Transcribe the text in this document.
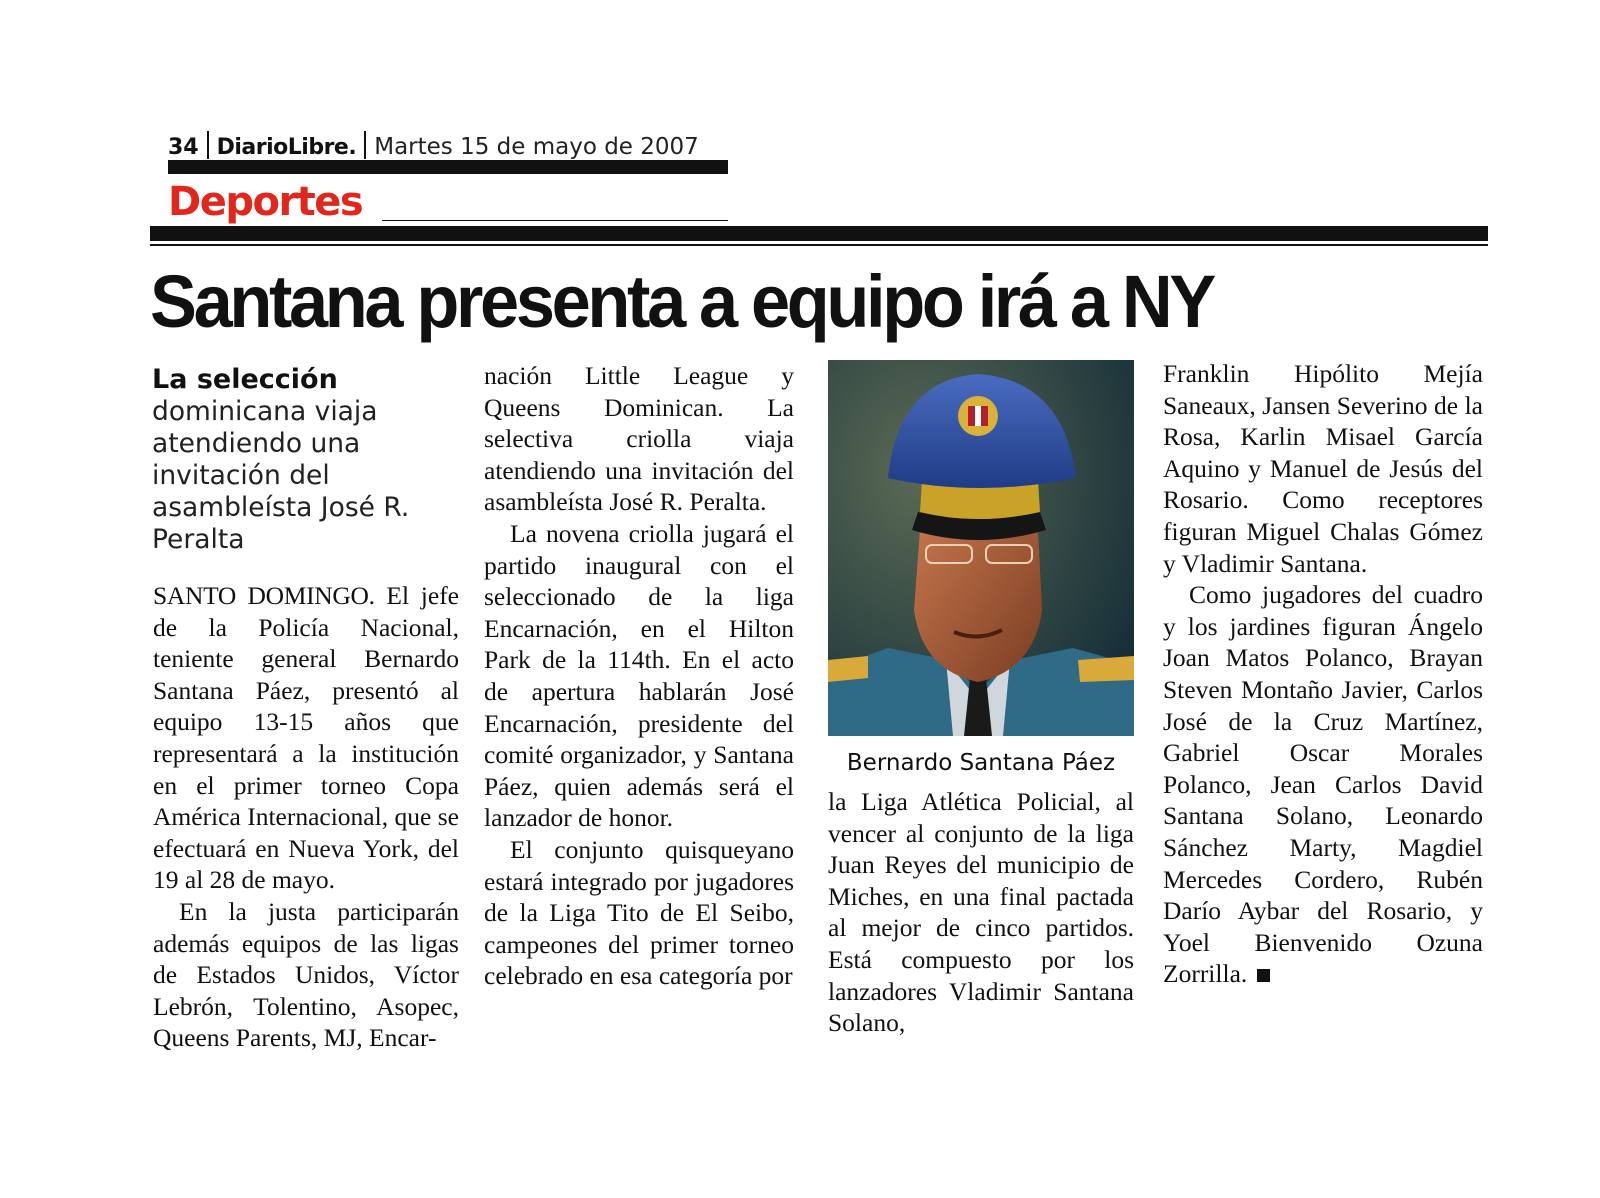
34 DiarioLibre. Martes 15 de mayo de 2007
Deportes
Santana presenta a equipo irá a NY
La selección
dominicana viaja atendiendo una invitación del asambleísta José R. Peralta

SANTO DOMINGO. El jefe de la Policía Nacional, teniente general Bernardo Santana Páez, presentó al equipo 13-15 años que representará a la institución en el primer torneo Copa América Internacional, que se efectuará en Nueva York, del 19 al 28 de mayo.

En la justa participarán además equipos de las ligas de Estados Unidos, Víctor Lebrón, Tolentino, Asopec, Queens Parents, MJ, Encar-

nación Little League y Queens Dominican. La selectiva criolla viaja atendiendo una invitación del asambleísta José R. Peralta.

La novena criolla jugará el partido inaugural con el seleccionado de la liga Encarnación, en el Hilton Park de la 114th. En el acto de apertura hablarán José Encarnación, presidente del comité organizador, y Santana Páez, quien además será el lanzador de honor.

El conjunto quisqueyano estará integrado por jugadores de la Liga Tito de El Seibo, campeones del primer torneo celebrado en esa categoría por

Bernardo Santana Páez

la Liga Atlética Policial, al vencer al conjunto de la liga Juan Reyes del municipio de Miches, en una final pactada al mejor de cinco partidos. Está compuesto por los lanzadores Vladimir Santana Solano,

Franklin Hipólito Mejía Saneaux, Jansen Severino de la Rosa, Karlin Misael García Aquino y Manuel de Jesús del Rosario. Como receptores figuran Miguel Chalas Gómez y Vladimir Santana.

Como jugadores del cuadro y los jardines figuran Ángelo Joan Matos Polanco, Brayan Steven Montaño Javier, Carlos José de la Cruz Martínez, Gabriel Oscar Morales Polanco, Jean Carlos David Santana Solano, Leonardo Sánchez Marty, Magdiel Mercedes Cordero, Rubén Darío Aybar del Rosario, y Yoel Bienvenido Ozuna Zorrilla.
